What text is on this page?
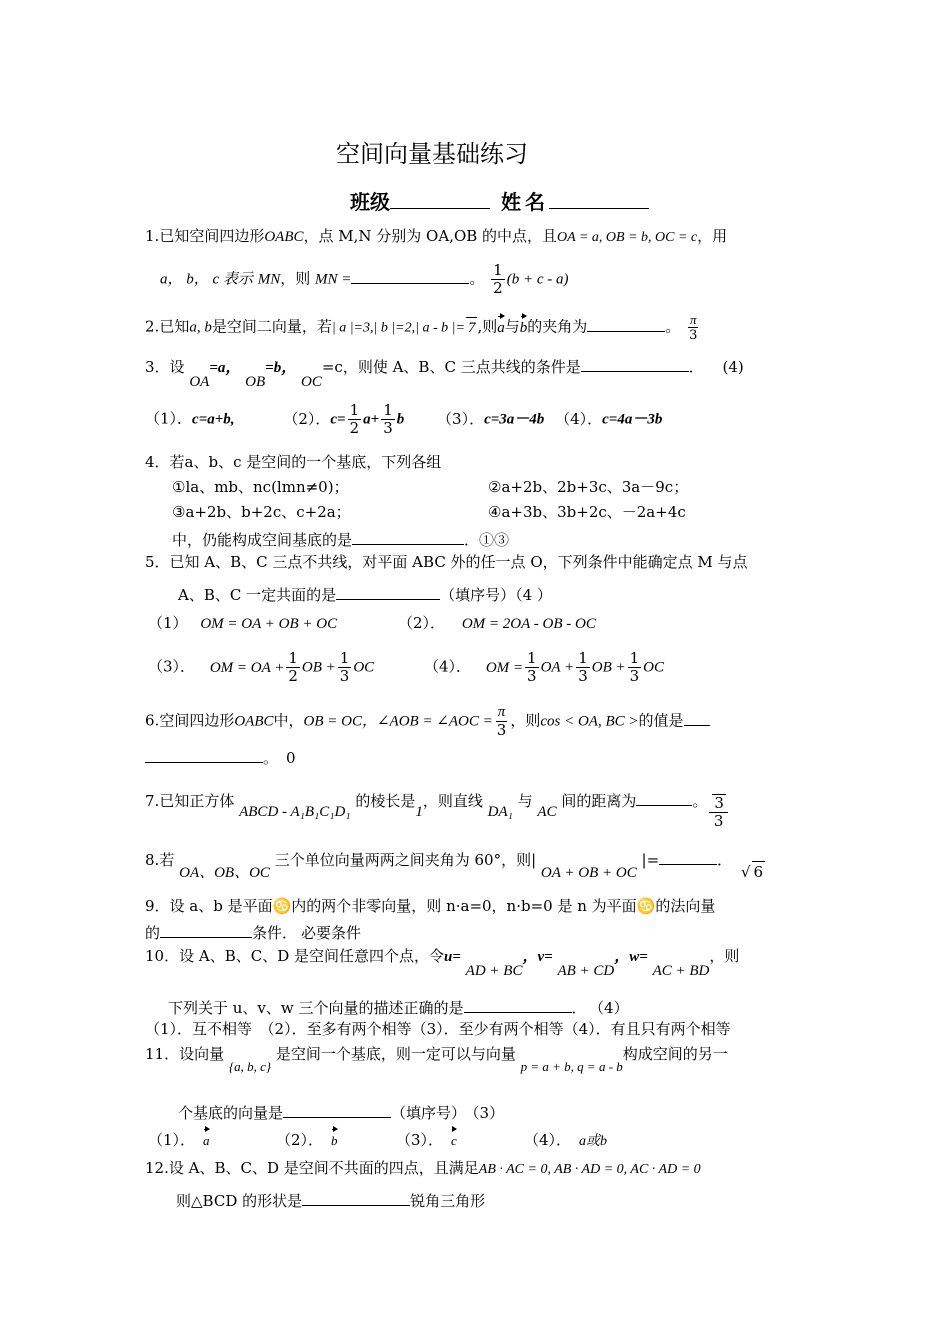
空间向量基础练习
班级	姓名
1.已知空间四边形OABC，点 M,N 分别为 OA,OB 的中点，且OA = a, OB = b, OC = c，用
a， b， c 表示 MN，则 MN =	。 $\frac{1}{2} (b + c - a)$
2.已知a, b是空间二向量，若| a |=3,| b |=2,| a - b |= 7 ,则a与b的夹角为	。 $\frac{\pi}{3}$
3．设 OA=a， OB=b， OC=c，则使 A、B、C 三点共线的条件是	． (4)
（1）．c=a+b,	（2）．$c= \frac{1}{2} a+ \frac{1}{3}$ b （3）．c=3a－4b （4）．c=4a－3b
4．若a、b、c 是空间的一个基底，下列各组
①la、mb、nc(lmn≠0)；	②a+2b、2b+3c、3a－9c；
③a+2b、b+2c、c+2a；	④a+3b、3b+2c、－2a+4c
中，仍能构成空间基底的是	．①③
5．已知 A、B、C 三点不共线，对平面 ABC 外的任一点 O，下列条件中能确定点 M 与点
A、B、C 一定共面的是	（填序号）（4 ）
（1） OM = OA + OB + OC	（2）． OM = 2OA - OB - OC
（3）． OM = OA + $\frac{1}{2}$ OB + $\frac{1}{3}$ OC	（4）． OM = $\frac{1}{3}$ OA + $\frac{1}{3}$ OB + $\frac{1}{3}$ OC
6.空间四边形OABC中，OB = OC，∠AOB = ∠AOC = $\frac{\pi}{3}$ ，则cos < OA, BC >的值是
。 0
7.已知正方体 ABCD - A₁B₁C₁D₁ 的棱长是1，则直线 DA₁ 与 AC 间的距离为	。 $\frac{3}{3}$
8.若 OA、OB、OC 三个单位向量两两之间夹角为 60°，则| OA + OB + OC |=	． √ 6
9．设 a、b 是平面♋内的两个非零向量，则 n·a=0，n·b=0 是 n 为平面♋的法向量
的	条件． 必要条件
10．设 A、B、C、D 是空间任意四个点，令u= AD + BC，v= AB + CD，w= AC + BD，则
下列关于 u、v、w 三个向量的描述正确的是	． （4）
（1）．互不相等　（2）．至多有两个相等（3）．至少有两个相等（4）．有且只有两个相等
11．设向量 {a, b, c} 是空间一个基底，则一定可以与向量 p = a + b, q = a - b构成空间的另一
个基底的向量是	（填序号） （3）
（1）． a	（2）． b	（3）． c	（4）． a或b
12.设 A、B、C、D 是空间不共面的四点，且满足AB · AC = 0, AB · AD = 0, AC · AD = 0
则△BCD 的形状是	锐角三角形
